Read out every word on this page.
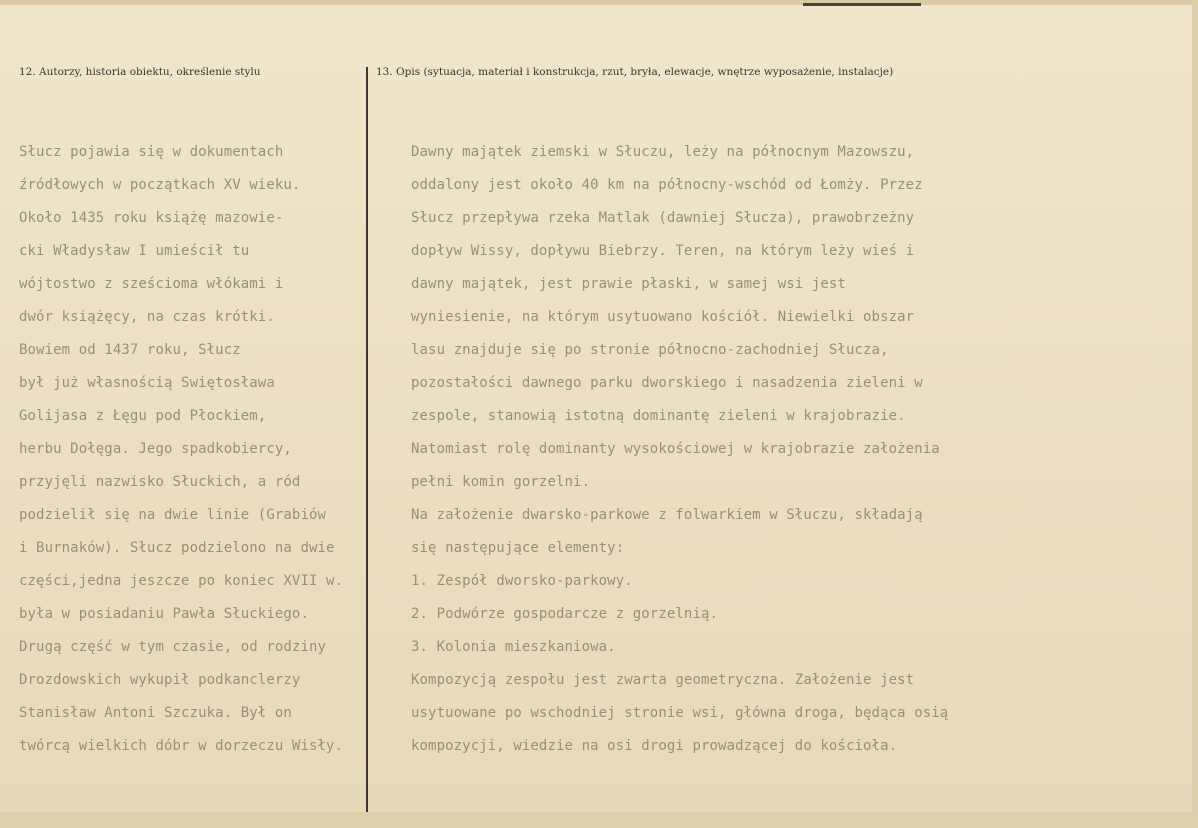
12. Autorzy, historia obiektu, określenie stylu	13. Opis (sytuacja, materiał i konstrukcja, rzut, bryła, elewacje, wnętrze wyposażenie, instalacje)
Słucz pojawia się w dokumentach
źródłowych w początkach XV wieku.
Około 1435 roku książę mazowie-
cki Władysław I umieścił tu
wójtostwo z sześcioma włókami i
dwór książęcy, na czas krótki.
Bowiem od 1437 roku, Słucz
był już własnością Swiętosława
Golijasa z Łęgu pod Płockiem,
herbu Dołęga. Jego spadkobiercy,
przyjęli nazwisko Słuckich, a ród
podzielił się na dwie linie (Grabiów
i Burnaków). Słucz podzielono na dwie
części,jedna jeszcze po koniec XVII w.
była w posiadaniu Pawła Słuckiego.
Drugą część w tym czasie, od rodziny
Drozdowskich wykupił podkanclerzy
Stanisław Antoni Szczuka. Był on
twórcą wielkich dóbr w dorzeczu Wisły.
Dawny majątek ziemski w Słuczu, leży na północnym Mazowszu,
oddalony jest około 40 km na północny-wschód od Łomży. Przez
Słucz przepływa rzeka Matlak (dawniej Słucza), prawobrzeżny
dopływ Wissy, dopływu Biebrzy. Teren, na którym leży wieś i
dawny majątek, jest prawie płaski, w samej wsi jest
wyniesienie, na którym usytuowano kościół. Niewielki obszar
lasu znajduje się po stronie północno-zachodniej Słucza,
pozostałości dawnego parku dworskiego i nasadzenia zieleni w
zespole, stanowią istotną dominantę zieleni w krajobrazie.
Natomiast rolę dominanty wysokościowej w krajobrazie założenia
pełni komin gorzelni.
Na założenie dwarsko-parkowe z folwarkiem w Słuczu, składają
się następujące elementy:
1. Zespół dworsko-parkowy.
2. Podwórze gospodarcze z gorzelnią.
3. Kolonia mieszkaniowa.
Kompozycją zespołu jest zwarta geometryczna. Założenie jest
usytuowane po wschodniej stronie wsi, główna droga, będąca osią
kompozycji, wiedzie na osi drogi prowadzącej do kościoła.
